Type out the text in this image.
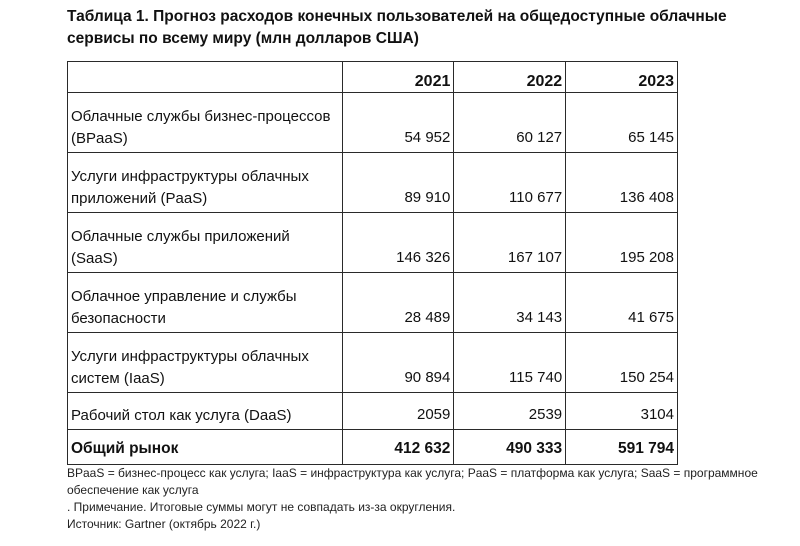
Таблица 1. Прогноз расходов конечных пользователей на общедоступные облачные сервисы по всему миру (млн долларов США)
	2021	2022	2023
Облачные службы бизнес-процессов (BPaaS)	54 952	60 127	65 145
Услуги инфраструктуры облачных приложений (PaaS)	89 910	110 677	136 408
Облачные службы приложений (SaaS)	146 326	167 107	195 208
Облачное управление и службы безопасности	28 489	34 143	41 675
Услуги инфраструктуры облачных систем (IaaS)	90 894	115 740	150 254
Рабочий стол как услуга (DaaS)	2059	2539	3104
Общий рынок	412 632	490 333	591 794
BPaaS = бизнес-процесс как услуга; IaaS = инфраструктура как услуга; PaaS = платформа как услуга; SaaS = программное обеспечение как услуга
. Примечание. Итоговые суммы могут не совпадать из-за округления.
Источник: Gartner (октябрь 2022 г.)
